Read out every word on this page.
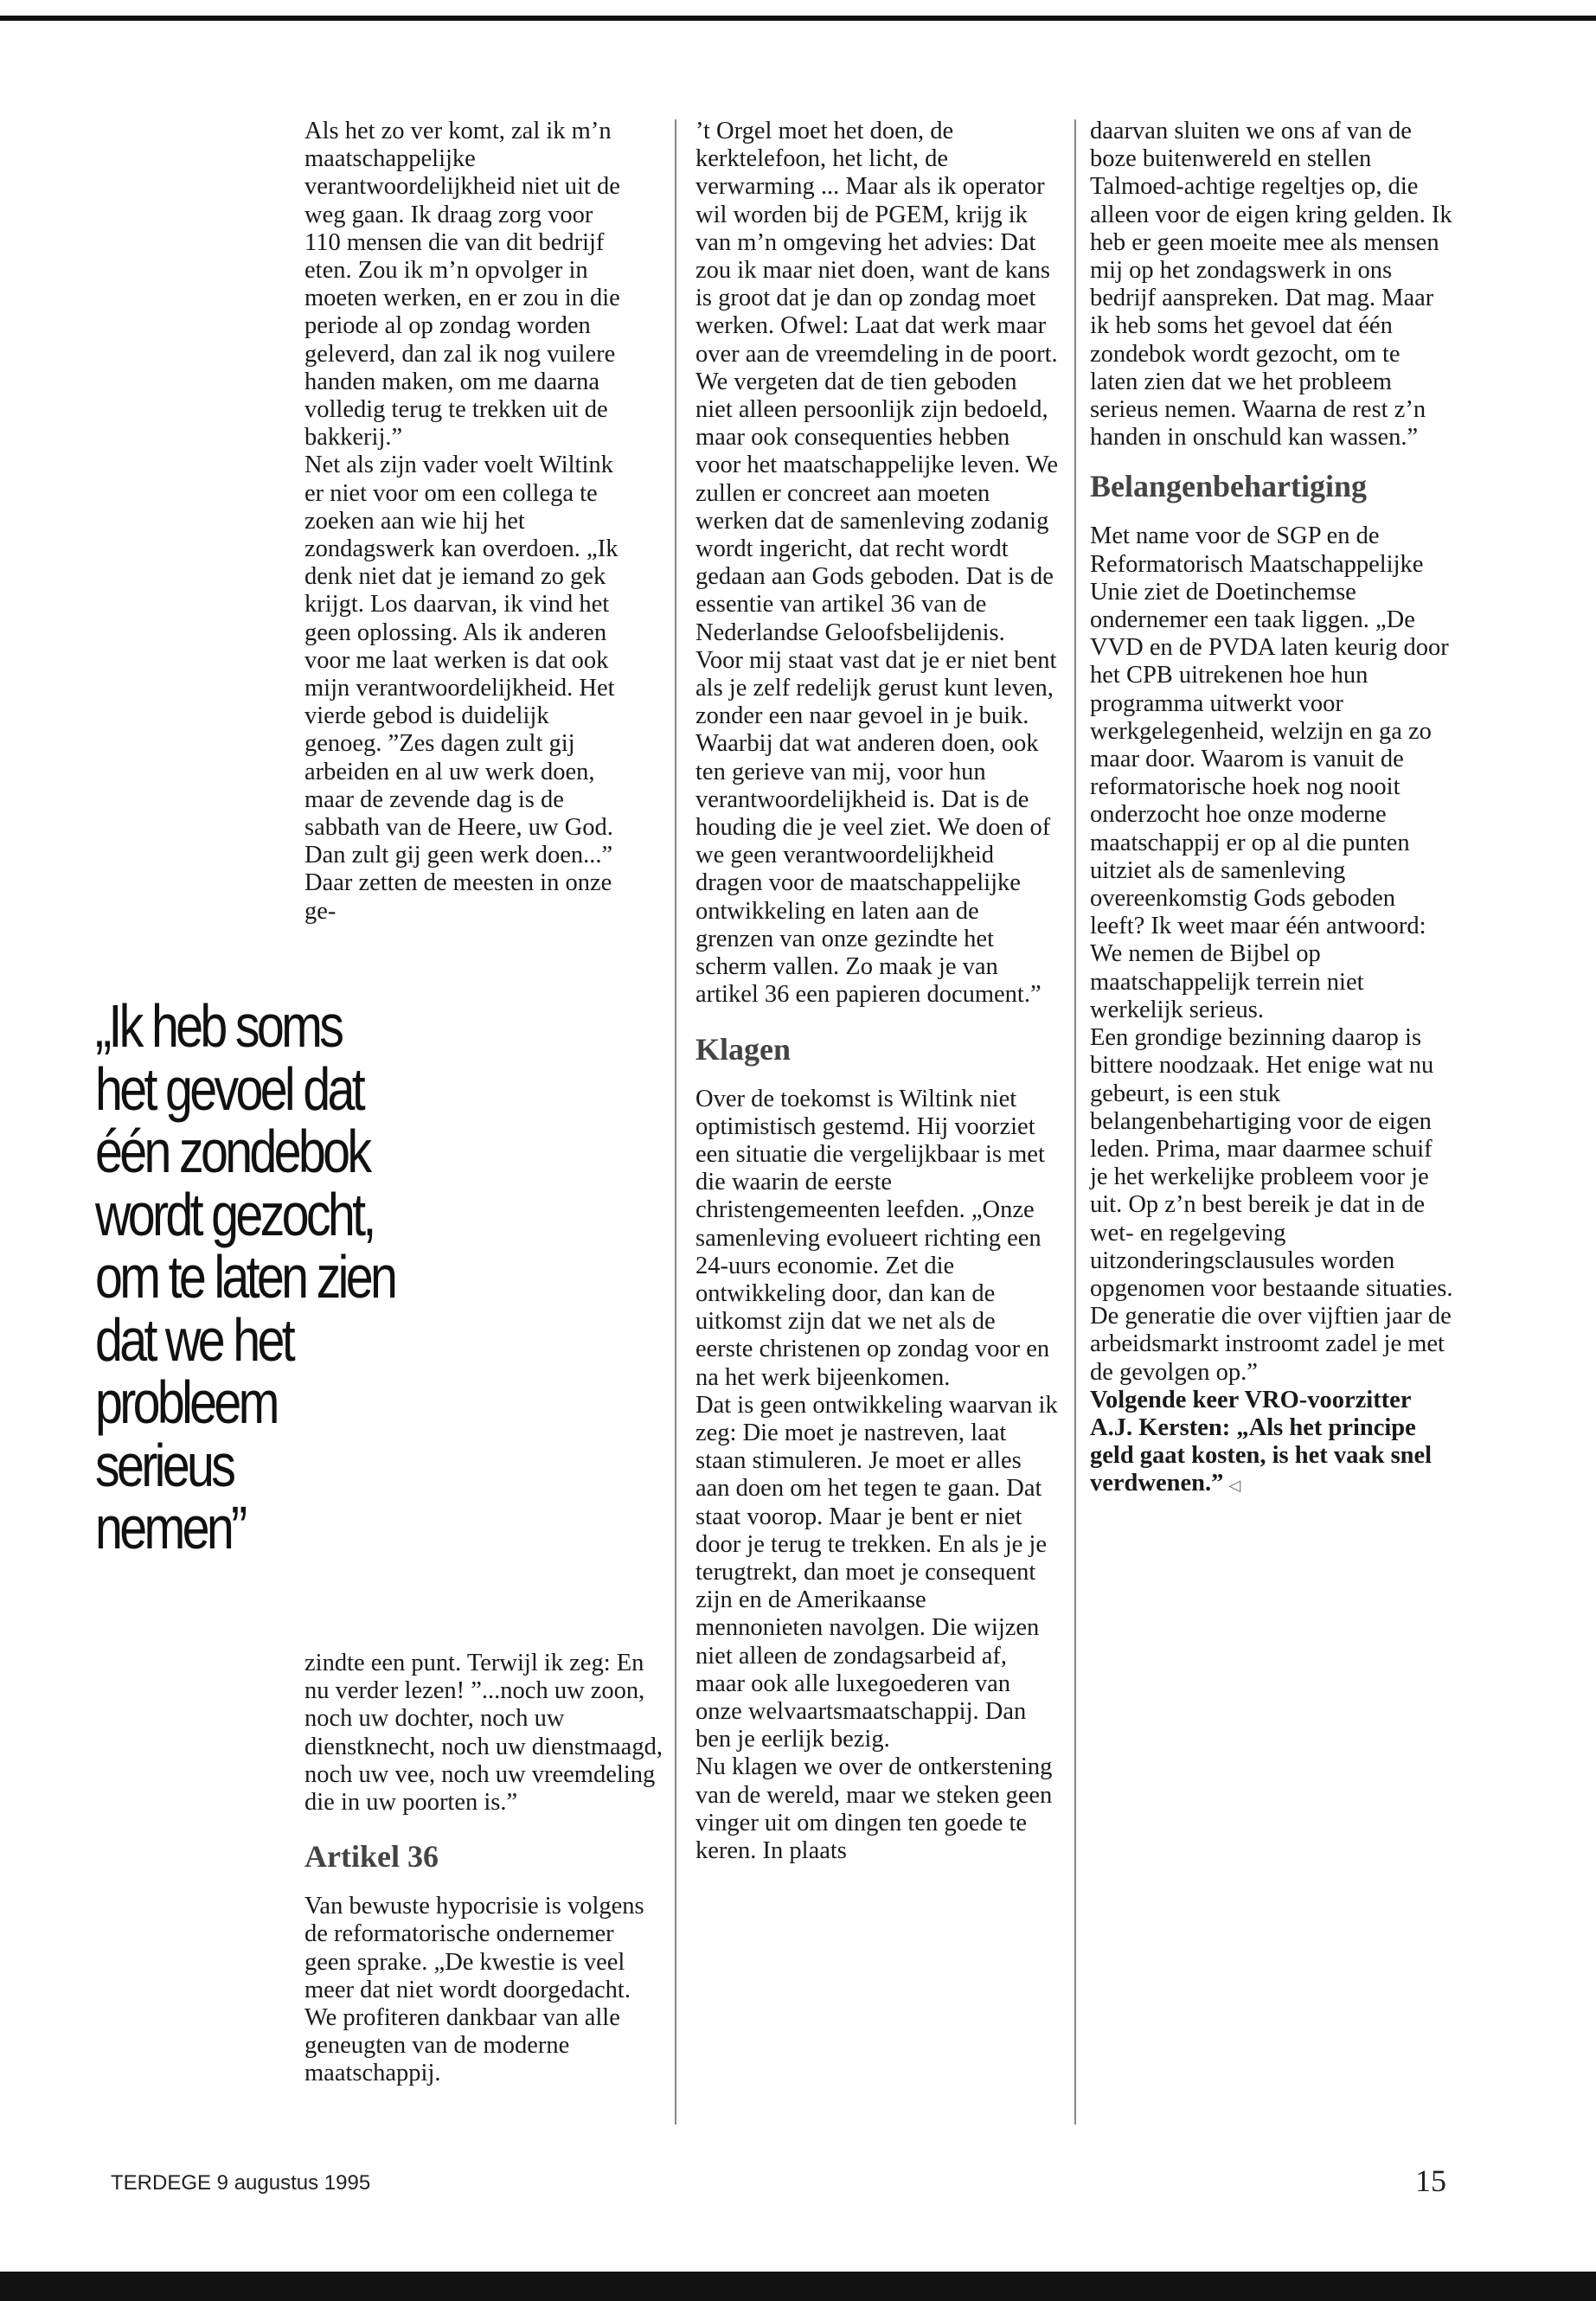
Als het zo ver komt, zal ik m’n maatschappelijke verantwoordelijkheid niet uit de weg gaan. Ik draag zorg voor 110 mensen die van dit bedrijf eten. Zou ik m’n opvolger in moeten werken, en er zou in die periode al op zondag worden geleverd, dan zal ik nog vuilere handen maken, om me daarna volledig terug te trekken uit de bakkerij.”

Net als zijn vader voelt Wiltink er niet voor om een collega te zoeken aan wie hij het zondagswerk kan overdoen. „Ik denk niet dat je iemand zo gek krijgt. Los daarvan, ik vind het geen oplossing. Als ik anderen voor me laat werken is dat ook mijn verantwoordelijkheid. Het vierde gebod is duidelijk genoeg. ”Zes dagen zult gij arbeiden en al uw werk doen, maar de zevende dag is de sabbath van de Heere, uw God. Dan zult gij geen werk doen...” Daar zetten de meesten in onze ge-

„Ik heb soms
het gevoel dat
één zondebok
wordt gezocht,
om te laten zien
dat we het
probleem
serieus
nemen”

zindte een punt. Terwijl ik zeg: En nu verder lezen! ”...noch uw zoon, noch uw dochter, noch uw dienstknecht, noch uw dienstmaagd, noch uw vee, noch uw vreemdeling die in uw poorten is.”

Artikel 36

Van bewuste hypocrisie is volgens de reformatorische ondernemer geen sprake. „De kwestie is veel meer dat niet wordt doorgedacht. We profiteren dankbaar van alle geneugten van de moderne maatschappij.

’t Orgel moet het doen, de kerktelefoon, het licht, de verwarming ... Maar als ik operator wil worden bij de PGEM, krijg ik van m’n omgeving het advies: Dat zou ik maar niet doen, want de kans is groot dat je dan op zondag moet werken. Ofwel: Laat dat werk maar over aan de vreemdeling in de poort. We vergeten dat de tien geboden niet alleen persoonlijk zijn bedoeld, maar ook consequenties hebben voor het maatschappelijke leven. We zullen er concreet aan moeten werken dat de samenleving zodanig wordt ingericht, dat recht wordt gedaan aan Gods geboden. Dat is de essentie van artikel 36 van de Nederlandse Geloofsbelijdenis.

Voor mij staat vast dat je er niet bent als je zelf redelijk gerust kunt leven, zonder een naar gevoel in je buik. Waarbij dat wat anderen doen, ook ten gerieve van mij, voor hun verantwoordelijkheid is. Dat is de houding die je veel ziet. We doen of we geen verantwoordelijkheid dragen voor de maatschappelijke ontwikkeling en laten aan de grenzen van onze gezindte het scherm vallen. Zo maak je van artikel 36 een papieren document.”

Klagen

Over de toekomst is Wiltink niet optimistisch gestemd. Hij voorziet een situatie die vergelijkbaar is met die waarin de eerste christengemeenten leefden. „Onze samenleving evolueert richting een 24-uurs economie. Zet die ontwikkeling door, dan kan de uitkomst zijn dat we net als de eerste christenen op zondag voor en na het werk bijeenkomen.

Dat is geen ontwikkeling waarvan ik zeg: Die moet je nastreven, laat staan stimuleren. Je moet er alles aan doen om het tegen te gaan. Dat staat voorop. Maar je bent er niet door je terug te trekken. En als je je terugtrekt, dan moet je consequent zijn en de Amerikaanse mennonieten navolgen. Die wijzen niet alleen de zondagsarbeid af, maar ook alle luxegoederen van onze welvaartsmaatschappij. Dan ben je eerlijk bezig.

Nu klagen we over de ontkerstening van de wereld, maar we steken geen vinger uit om dingen ten goede te keren. In plaats

daarvan sluiten we ons af van de boze buitenwereld en stellen Talmoed-achtige regeltjes op, die alleen voor de eigen kring gelden. Ik heb er geen moeite mee als mensen mij op het zondagswerk in ons bedrijf aanspreken. Dat mag. Maar ik heb soms het gevoel dat één zondebok wordt gezocht, om te laten zien dat we het probleem serieus nemen. Waarna de rest z’n handen in onschuld kan wassen.”

Belangenbehartiging

Met name voor de SGP en de Reformatorisch Maatschappelijke Unie ziet de Doetinchemse ondernemer een taak liggen. „De VVD en de PVDA laten keurig door het CPB uitrekenen hoe hun programma uitwerkt voor werkgelegenheid, welzijn en ga zo maar door. Waarom is vanuit de reformatorische hoek nog nooit onderzocht hoe onze moderne maatschappij er op al die punten uitziet als de samenleving overeenkomstig Gods geboden leeft? Ik weet maar één antwoord: We nemen de Bijbel op maatschappelijk terrein niet werkelijk serieus.

Een grondige bezinning daarop is bittere noodzaak. Het enige wat nu gebeurt, is een stuk belangenbehartiging voor de eigen leden. Prima, maar daarmee schuif je het werkelijke probleem voor je uit. Op z’n best bereik je dat in de wet- en regelgeving uitzonderingsclausules worden opgenomen voor bestaande situaties. De generatie die over vijftien jaar de arbeidsmarkt instroomt zadel je met de gevolgen op.”

Volgende keer VRO-voorzitter A.J. Kersten: „Als het principe geld gaat kosten, is het vaak snel verdwenen.” ◁

TERDEGE 9 augustus 1995	15
